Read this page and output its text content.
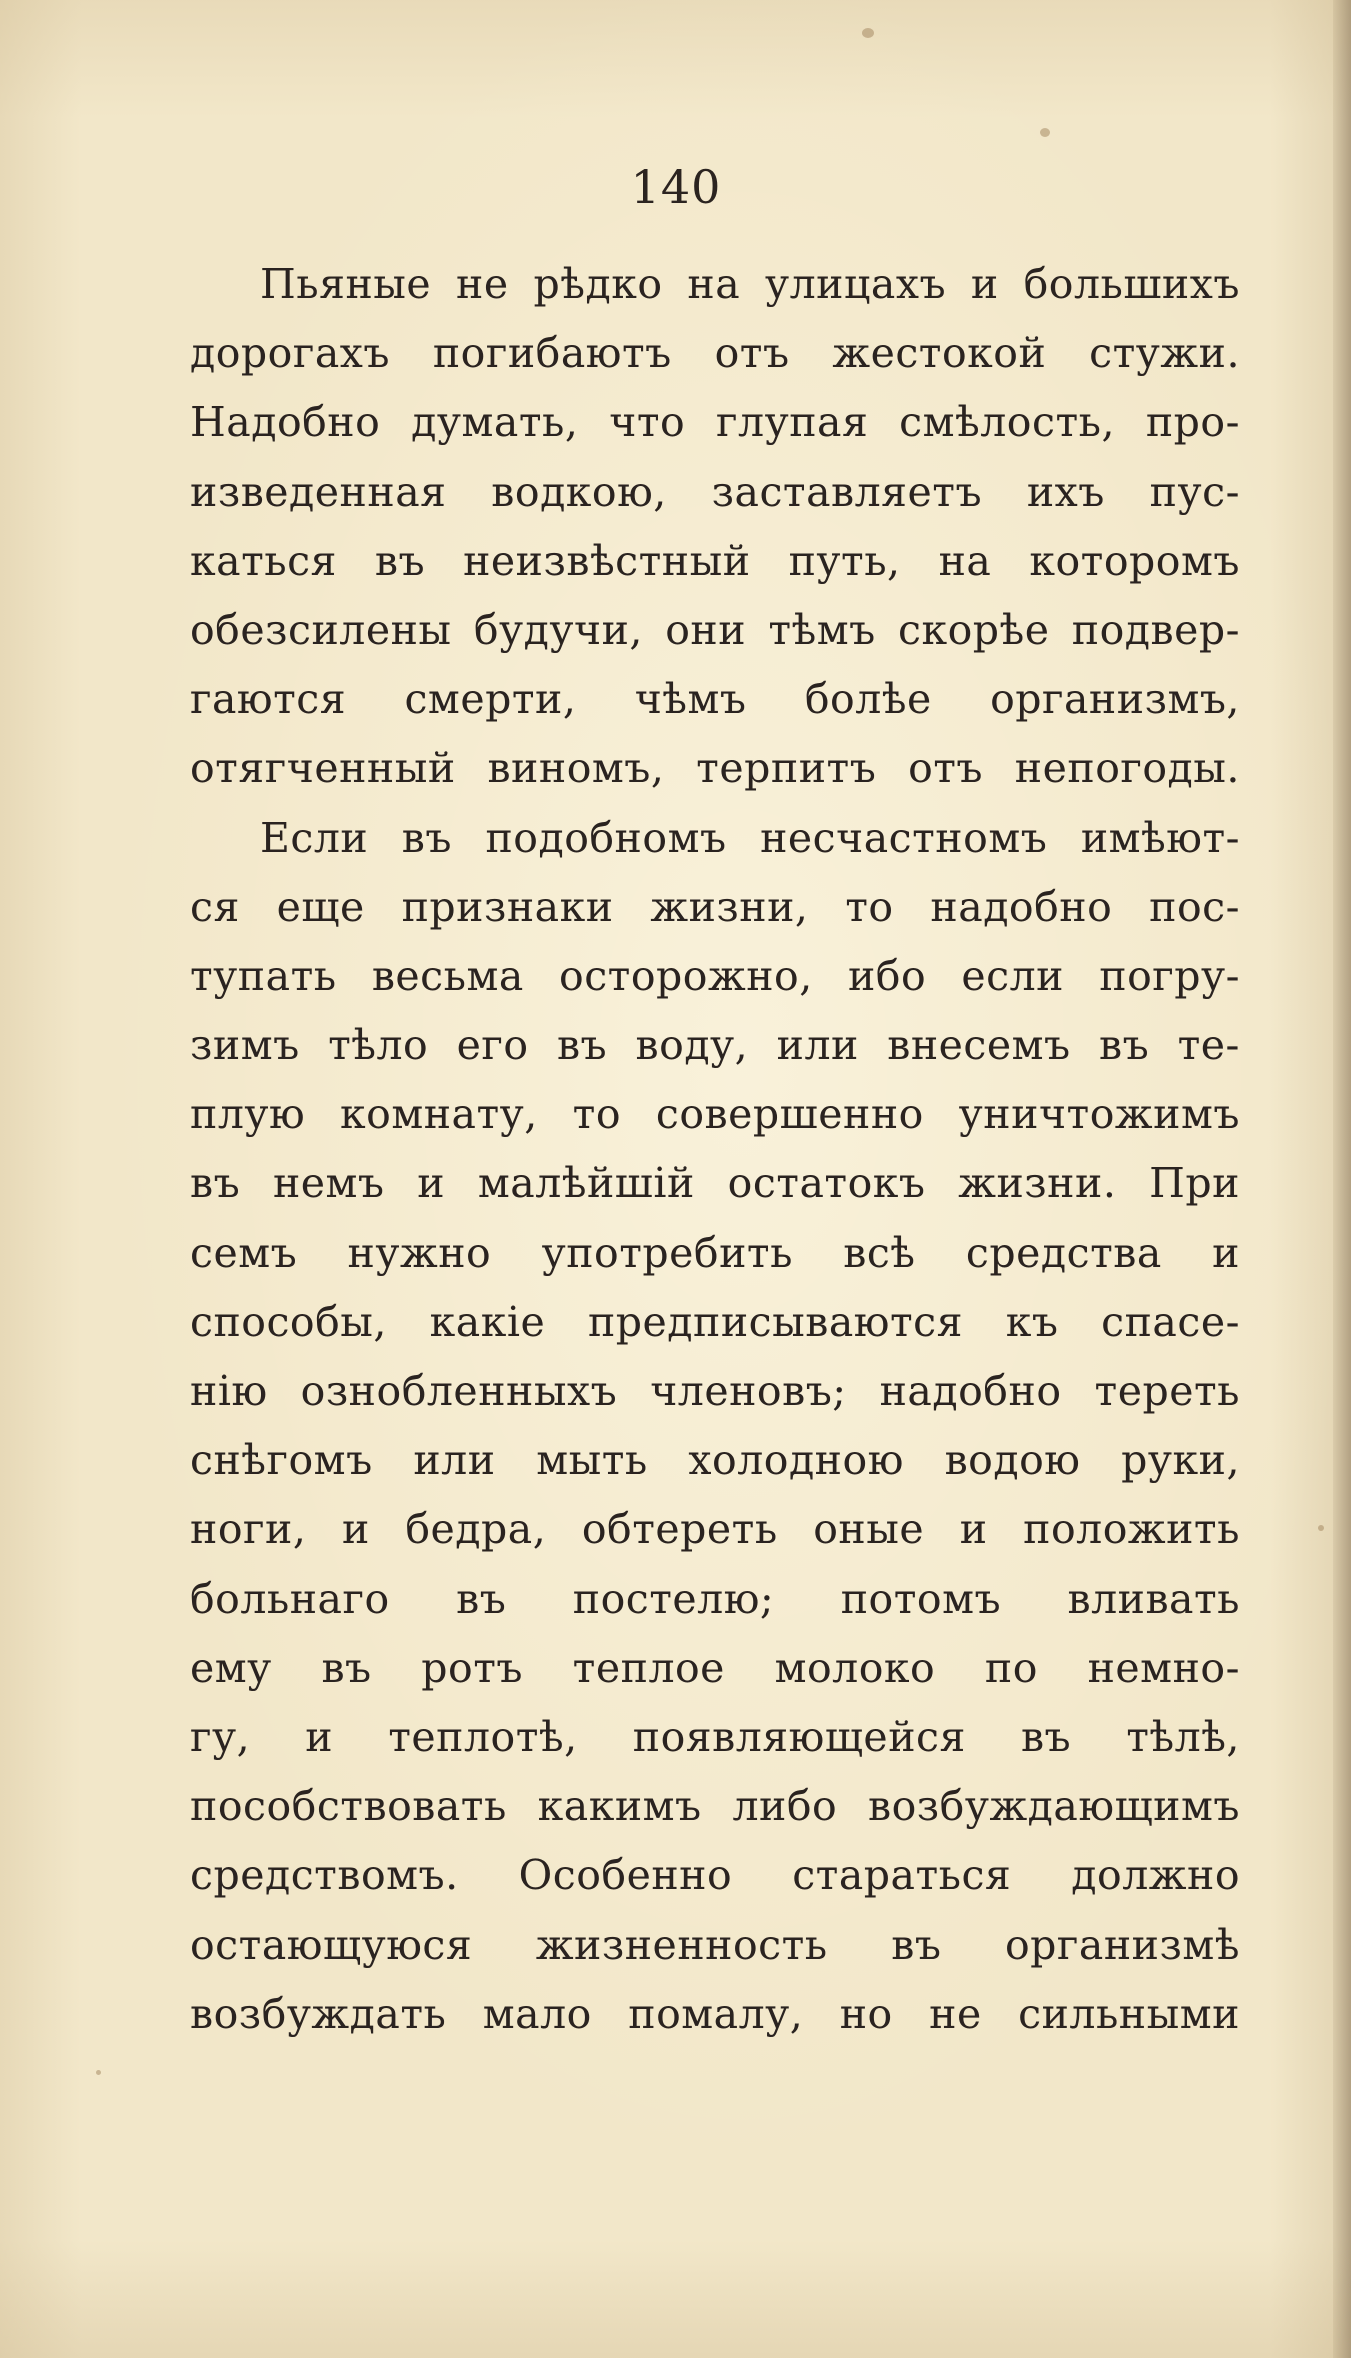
140
Пьяные не рѣдко на улицахъ и большихъ
дорогахъ погибаютъ отъ жестокой стужи.
Надобно думать, что глупая смѣлость, про-
изведенная водкою, заставляетъ ихъ пус-
каться въ неизвѣстный путь, на которомъ
обезсилены будучи, они тѣмъ скорѣе подвер-
гаются смерти, чѣмъ болѣе организмъ,
отягченный виномъ, терпитъ отъ непогоды.
Если въ подобномъ несчастномъ имѣют-
ся еще признаки жизни, то надобно пос-
тупать весьма осторожно, ибо если погру-
зимъ тѣло его въ воду, или внесемъ въ те-
плую комнату, то совершенно уничтожимъ
въ немъ и малѣйшій остатокъ жизни. При
семъ нужно употребить всѣ средства и
способы, какіе предписываются къ спасе-
нію ознобленныхъ членовъ; надобно тереть
снѣгомъ или мыть холодною водою руки,
ноги, и бедра, обтереть оные и положить
больнаго въ постелю; потомъ вливать
ему въ ротъ теплое молоко по немно-
гу, и теплотѣ, появляющейся въ тѣлѣ,
пособствовать какимъ либо возбуждающимъ
средствомъ. Особенно стараться должно
остающуюся жизненность въ организмѣ
возбуждать мало помалу, но не сильными
